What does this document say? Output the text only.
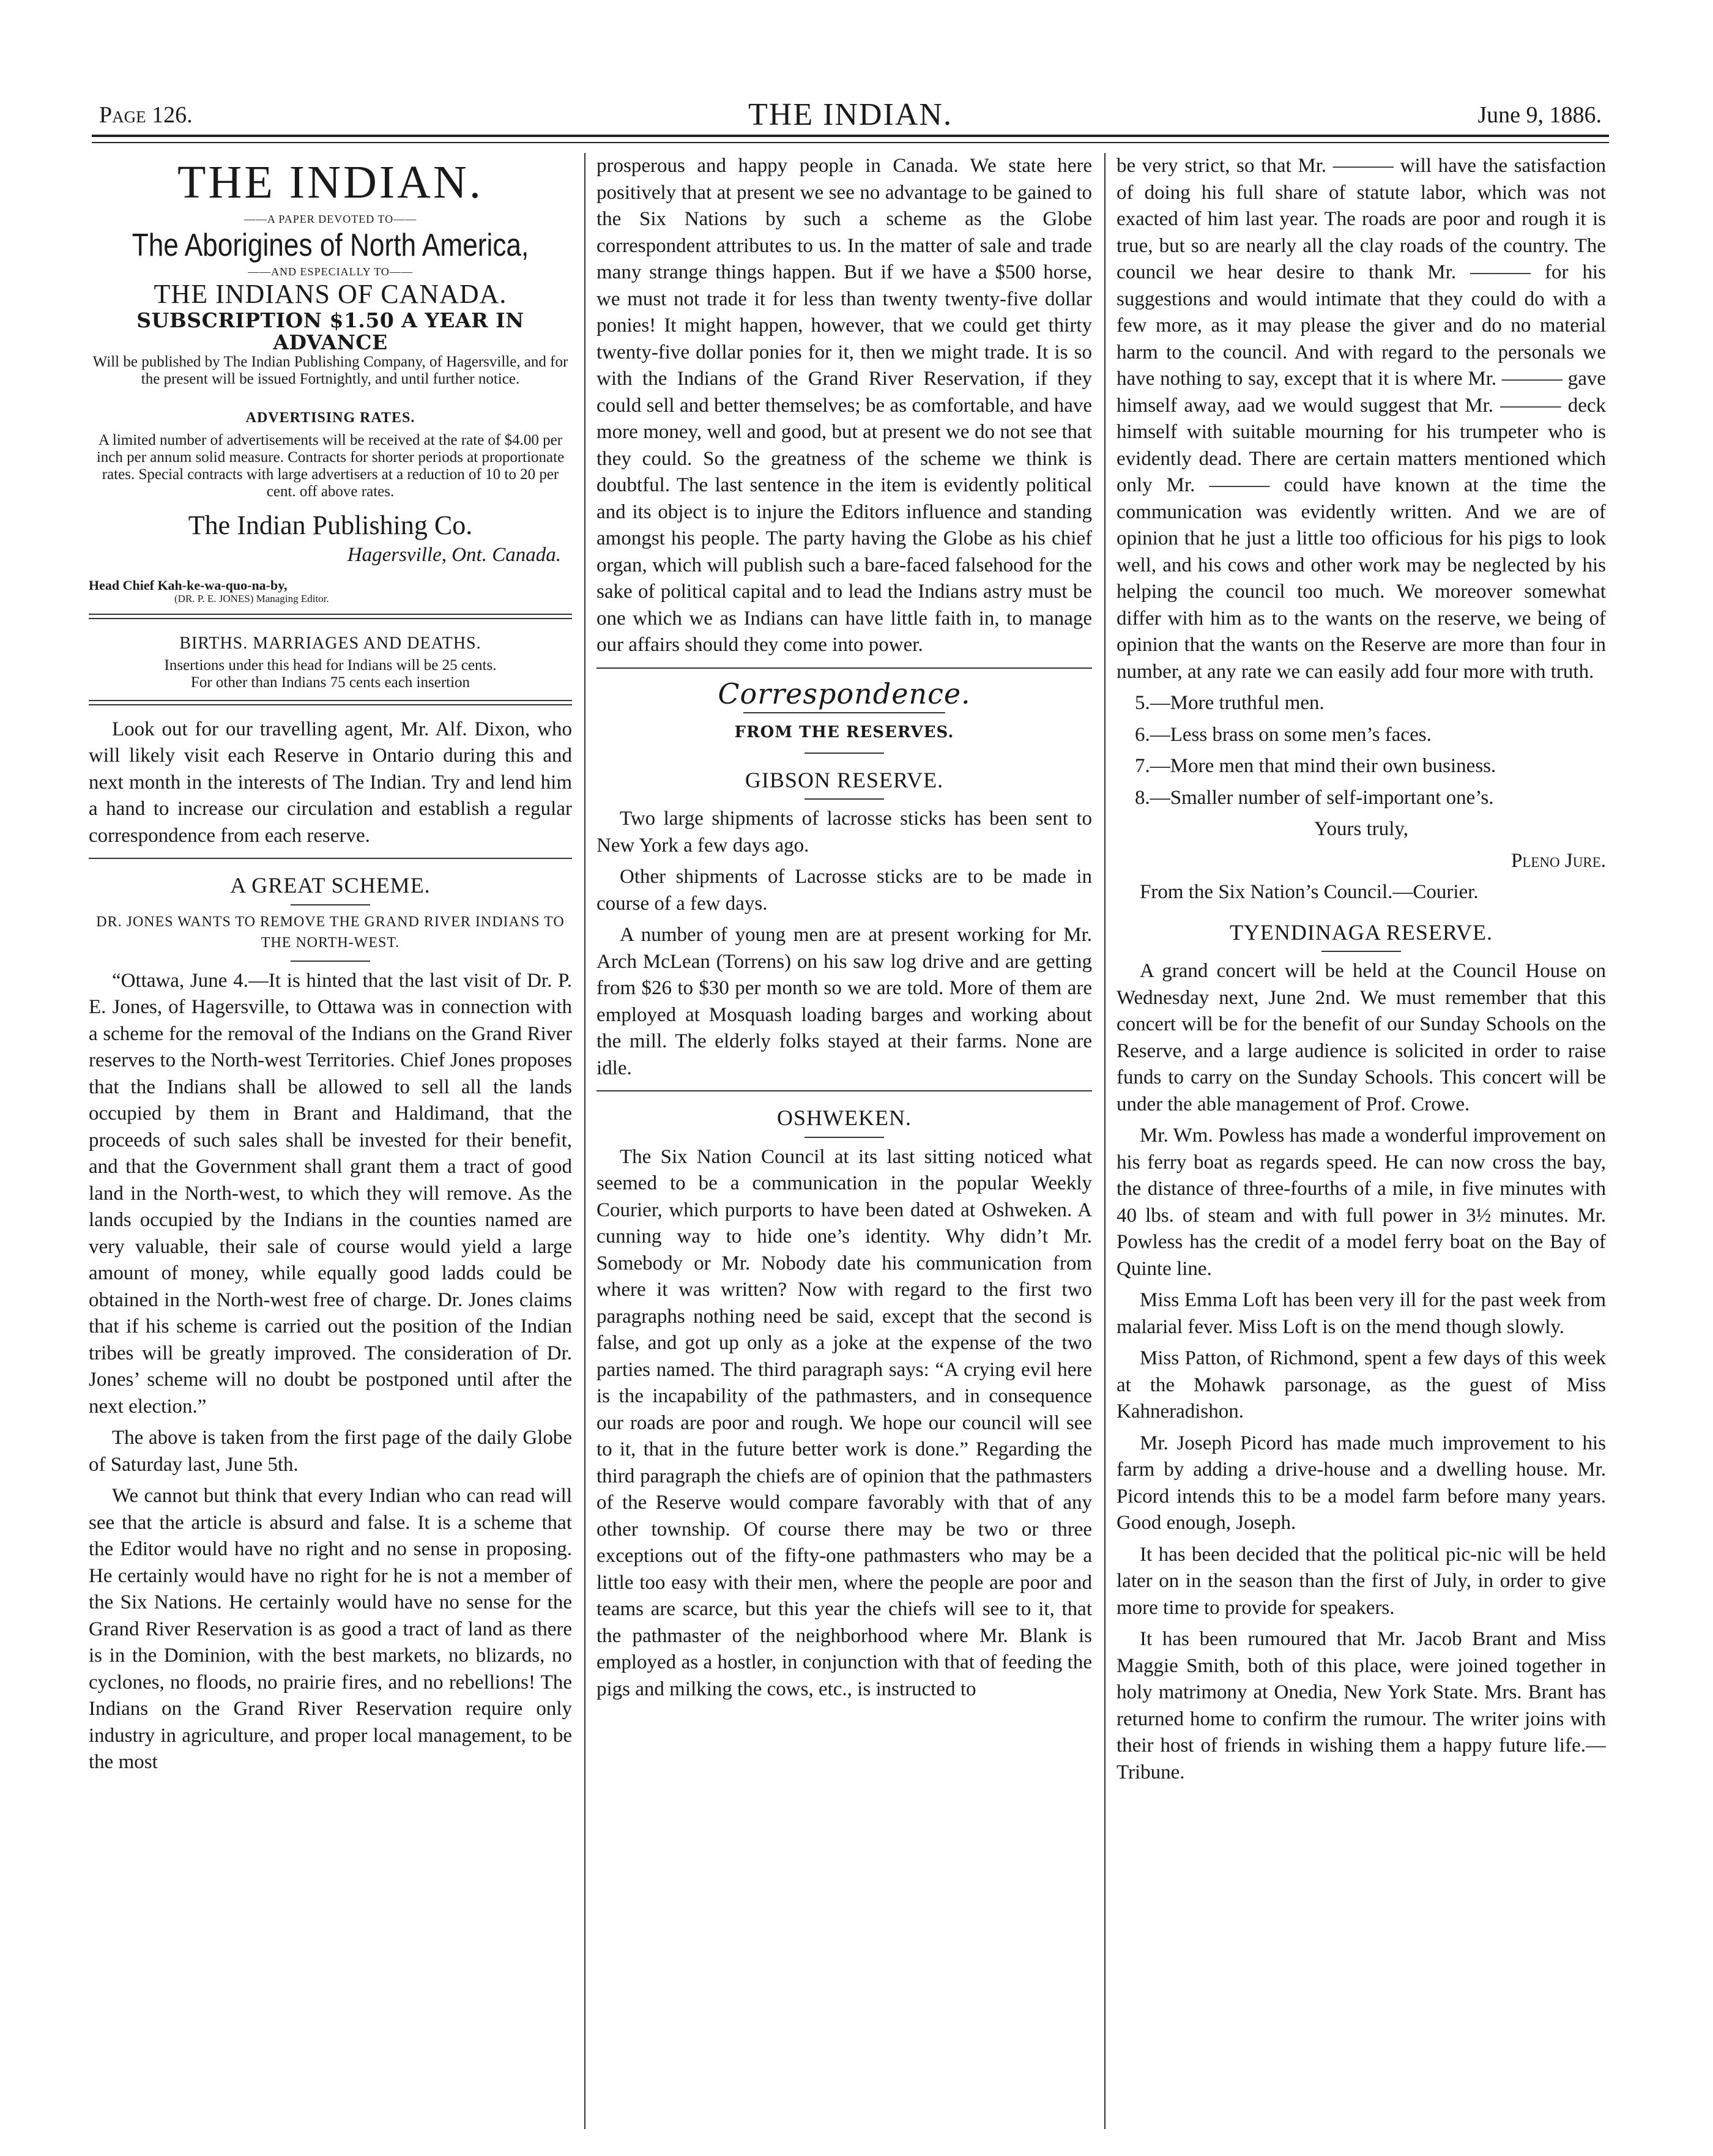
Page 126.	THE INDIAN.	June 9, 1886.
THE INDIAN.
——A PAPER DEVOTED TO——
The Aborigines of North America,
——AND ESPECIALLY TO——
THE INDIANS OF CANADA.
SUBSCRIPTION $1.50 A YEAR IN ADVANCE
Will be published by The Indian Publishing Company, of Hagersville, and for the present will be issued Fortnightly, and until further notice.
ADVERTISING RATES.
A limited number of advertisements will be received at the rate of $4.00 per inch per annum solid measure. Contracts for shorter periods at proportionate rates. Special contracts with large advertisers at a reduction of 10 to 20 per cent. off above rates.
The Indian Publishing Co.
Hagersville, Ont. Canada.
Head Chief Kah-ke-wa-quo-na-by,
(DR. P. E. JONES) Managing Editor.
BIRTHS. MARRIAGES AND DEATHS.
Insertions under this head for Indians will be 25 cents.
For other than Indians 75 cents each insertion

Look out for our travelling agent, Mr. Alf. Dixon, who will likely visit each Reserve in Ontario during this and next month in the interests of The Indian. Try and lend him a hand to increase our circulation and establish a regular correspondence from each reserve.

A GREAT SCHEME.
DR. JONES WANTS TO REMOVE THE GRAND RIVER INDIANS TO THE NORTH-WEST.

“Ottawa, June 4.—It is hinted that the last visit of Dr. P. E. Jones, of Hagersville, to Ottawa was in connection with a scheme for the removal of the Indians on the Grand River reserves to the North-west Territories. Chief Jones proposes that the Indians shall be allowed to sell all the lands occupied by them in Brant and Haldimand, that the proceeds of such sales shall be invested for their benefit, and that the Government shall grant them a tract of good land in the North-west, to which they will remove. As the lands occupied by the Indians in the counties named are very valuable, their sale of course would yield a large amount of money, while equally good ladds could be obtained in the North-west free of charge. Dr. Jones claims that if his scheme is carried out the position of the Indian tribes will be greatly improved. The consideration of Dr. Jones’ scheme will no doubt be postponed until after the next election.”

The above is taken from the first page of the daily Globe of Saturday last, June 5th.

We cannot but think that every Indian who can read will see that the article is absurd and false. It is a scheme that the Editor would have no right and no sense in proposing. He certainly would have no right for he is not a member of the Six Nations. He certainly would have no sense for the Grand River Reservation is as good a tract of land as there is in the Dominion, with the best markets, no blizards, no cyclones, no floods, no prairie fires, and no rebellions! The Indians on the Grand River Reservation require only industry in agriculture, and proper local management, to be the most

prosperous and happy people in Canada. We state here positively that at present we see no advantage to be gained to the Six Nations by such a scheme as the Globe correspondent attributes to us. In the matter of sale and trade many strange things happen. But if we have a $500 horse, we must not trade it for less than twenty twenty-five dollar ponies! It might happen, however, that we could get thirty twenty-five dollar ponies for it, then we might trade. It is so with the Indians of the Grand River Reservation, if they could sell and better themselves; be as comfortable, and have more money, well and good, but at present we do not see that they could. So the greatness of the scheme we think is doubtful. The last sentence in the item is evidently political and its object is to injure the Editors influence and standing amongst his people. The party having the Globe as his chief organ, which will publish such a bare-faced falsehood for the sake of political capital and to lead the Indians astry must be one which we as Indians can have little faith in, to manage our affairs should they come into power.

Correspondence.
FROM THE RESERVES.
GIBSON RESERVE.

Two large shipments of lacrosse sticks has been sent to New York a few days ago.

Other shipments of Lacrosse sticks are to be made in course of a few days.

A number of young men are at present working for Mr. Arch McLean (Torrens) on his saw log drive and are getting from $26 to $30 per month so we are told. More of them are employed at Mosquash loading barges and working about the mill. The elderly folks stayed at their farms. None are idle.

OSHWEKEN.

The Six Nation Council at its last sitting noticed what seemed to be a communication in the popular Weekly Courier, which purports to have been dated at Oshweken. A cunning way to hide one’s identity. Why didn’t Mr. Somebody or Mr. Nobody date his communication from where it was written? Now with regard to the first two paragraphs nothing need be said, except that the second is false, and got up only as a joke at the expense of the two parties named. The third paragraph says: “A crying evil here is the incapability of the pathmasters, and in consequence our roads are poor and rough. We hope our council will see to it, that in the future better work is done.” Regarding the third paragraph the chiefs are of opinion that the pathmasters of the Reserve would compare favorably with that of any other township. Of course there may be two or three exceptions out of the fifty-one pathmasters who may be a little too easy with their men, where the people are poor and teams are scarce, but this year the chiefs will see to it, that the pathmaster of the neighborhood where Mr. Blank is employed as a hostler, in conjunction with that of feeding the pigs and milking the cows, etc., is instructed to

be very strict, so that Mr. ——— will have the satisfaction of doing his full share of statute labor, which was not exacted of him last year. The roads are poor and rough it is true, but so are nearly all the clay roads of the country. The council we hear desire to thank Mr. ——— for his suggestions and would intimate that they could do with a few more, as it may please the giver and do no material harm to the council. And with regard to the personals we have nothing to say, except that it is where Mr. ——— gave himself away, aad we would suggest that Mr. ——— deck himself with suitable mourning for his trumpeter who is evidently dead. There are certain matters mentioned which only Mr. ——— could have known at the time the communication was evidently written. And we are of opinion that he just a little too officious for his pigs to look well, and his cows and other work may be neglected by his helping the council too much. We moreover somewhat differ with him as to the wants on the reserve, we being of opinion that the wants on the Reserve are more than four in number, at any rate we can easily add four more with truth.

5.—More truthful men.

6.—Less brass on some men’s faces.

7.—More men that mind their own business.

8.—Smaller number of self-important one’s.

Yours truly,

Pleno Jure.

From the Six Nation’s Council.—Courier.

TYENDINAGA RESERVE.

A grand concert will be held at the Council House on Wednesday next, June 2nd. We must remember that this concert will be for the benefit of our Sunday Schools on the Reserve, and a large audience is solicited in order to raise funds to carry on the Sunday Schools. This concert will be under the able management of Prof. Crowe.

Mr. Wm. Powless has made a wonderful improvement on his ferry boat as regards speed. He can now cross the bay, the distance of three-fourths of a mile, in five minutes with 40 lbs. of steam and with full power in 3½ minutes. Mr. Powless has the credit of a model ferry boat on the Bay of Quinte line.

Miss Emma Loft has been very ill for the past week from malarial fever. Miss Loft is on the mend though slowly.

Miss Patton, of Richmond, spent a few days of this week at the Mohawk parsonage, as the guest of Miss Kahneradishon.

Mr. Joseph Picord has made much improvement to his farm by adding a drive-house and a dwelling house. Mr. Picord intends this to be a model farm before many years. Good enough, Joseph.

It has been decided that the political pic-nic will be held later on in the season than the first of July, in order to give more time to provide for speakers.

It has been rumoured that Mr. Jacob Brant and Miss Maggie Smith, both of this place, were joined together in holy matrimony at Onedia, New York State. Mrs. Brant has returned home to confirm the rumour. The writer joins with their host of friends in wishing them a happy future life.—Tribune.
